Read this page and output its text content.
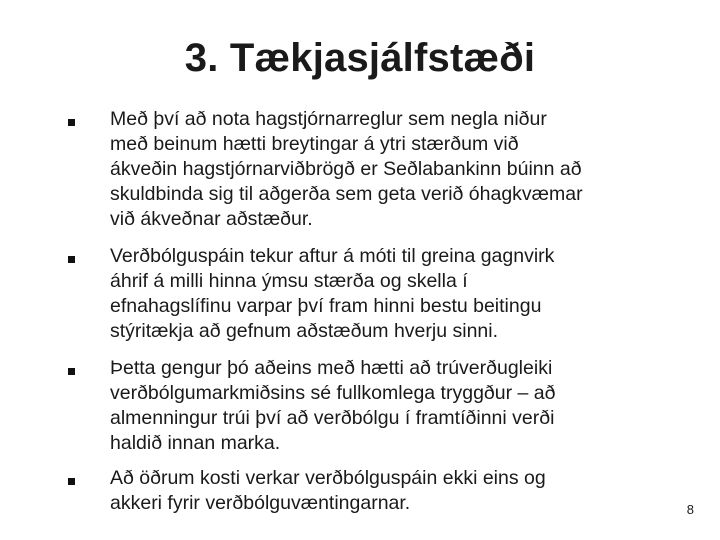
3. Tækjasjálfstæði
Með því að nota hagstjórnarreglur sem negla niður
með beinum hætti breytingar á ytri stærðum við
ákveðin hagstjórnarviðbrögð er Seðlabankinn búinn að
skuldbinda sig til aðgerða sem geta verið óhagkvæmar
við ákveðnar aðstæður.
Verðbólguspáin tekur aftur á móti til greina gagnvirk
áhrif á milli hinna ýmsu stærða og skella í
efnahagslífinu varpar því fram hinni bestu beitingu
stýritækja að gefnum aðstæðum hverju sinni.
Þetta gengur þó aðeins með hætti að trúverðugleiki
verðbólgumarkmiðsins sé fullkomlega tryggður – að
almenningur trúi því að verðbólgu í framtíðinni verði
haldið innan marka.
Að öðrum kosti verkar verðbólguspáin ekki eins og
akkeri fyrir verðbólguvæntingarnar.	8
